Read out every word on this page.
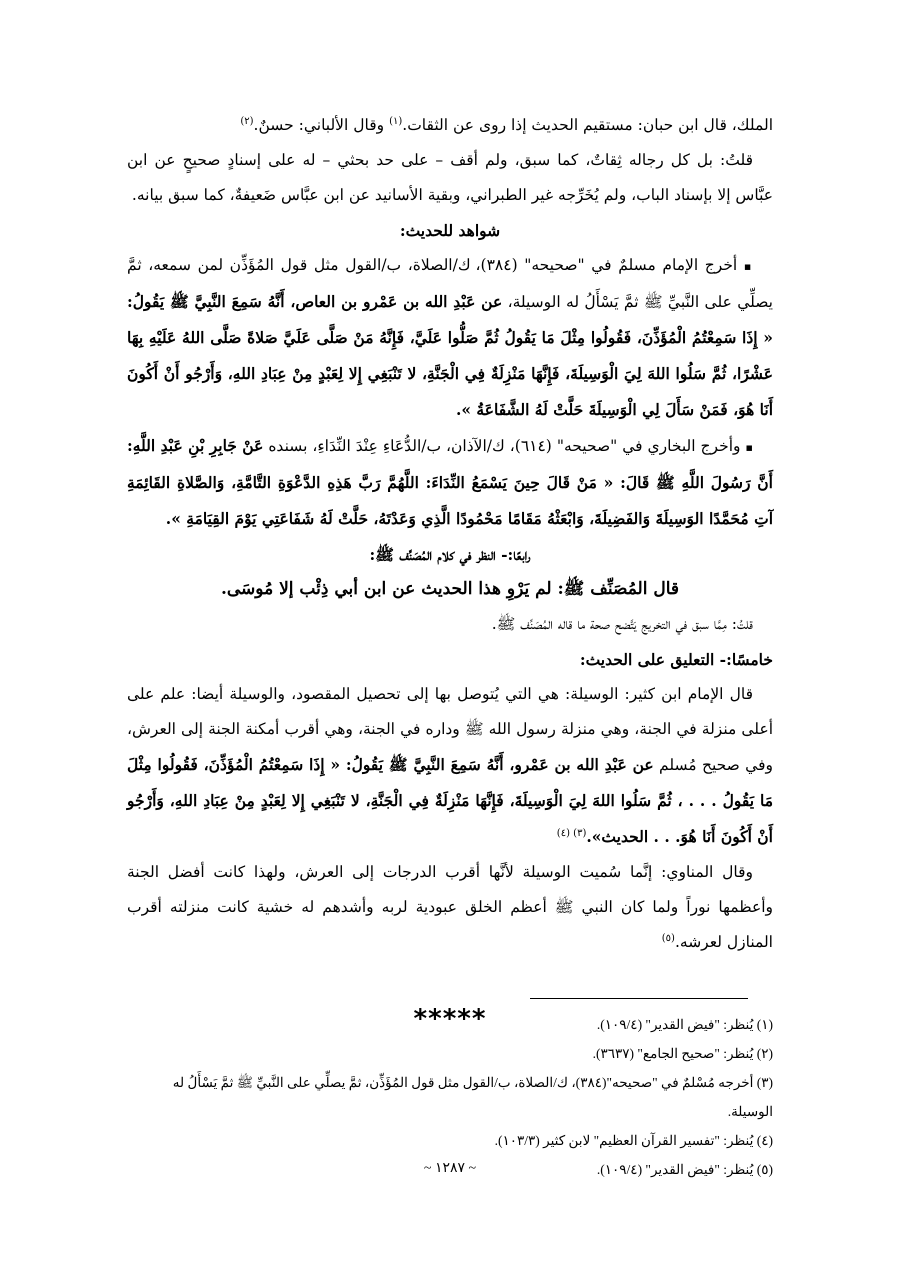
الملك، قال ابن حبان: مستقيم الحديث إذا روى عن الثقات.$^{(١)}$ وقال الألباني: حسنٌ.$^{(٢)}$

قلتُ: بل كل رجاله ثِقاتٌ، كما سبق، ولم أقف – على حد بحثي – له على إسنادٍ صحيحٍ عن ابن عبَّاس إلا بإسناد الباب، ولم يُخَرِّجه غير الطبراني، وبقية الأسانيد عن ابن عبَّاس ضَعيفةٌ، كما سبق بيانه.

شواهد للحديث:

▪ أخرج الإمام مسلمٌ في "صحيحه" (٣٨٤)، ك/الصلاة، ب/القول مثل قول المُؤَذِّن لمن سمعه، ثمَّ يصلِّي على النَّبيِّ ﷺ ثمَّ يَسْأَلُ له الوسيلة، عن عَبْدِ الله بن عَمْرو بن العاص، أَنَّهُ سَمِعَ النَّبِيَّ ﷺ يَقُولُ: « إِذَا سَمِعْتُمُ الْمُؤَذِّنَ، فَقُولُوا مِثْلَ مَا يَقُولُ ثُمَّ صَلُّوا عَلَيَّ، فَإِنَّهُ مَنْ صَلَّى عَلَيَّ صَلاةً صَلَّى اللهُ عَلَيْهِ بِهَا عَشْرًا، ثُمَّ سَلُوا اللهَ لِيَ الْوَسِيلَةَ، فَإِنَّهَا مَنْزِلَةٌ فِي الْجَنَّةِ، لا تَنْبَغِي إِلا لِعَبْدٍ مِنْ عِبَادِ اللهِ، وَأَرْجُو أَنْ أَكُونَ أَنَا هُوَ، فَمَنْ سَأَلَ لِي الْوَسِيلَةَ حَلَّتْ لَهُ الشَّفَاعَةُ ».

▪ وأخرج البخاري في "صحيحه" (٦١٤)، ك/الآذان، ب/الدُّعَاءِ عِنْدَ النِّدَاءِ، بسنده عَنْ جَابِرِ بْنِ عَبْدِ اللَّهِ: أَنَّ رَسُولَ اللَّهِ ﷺ قَالَ: « مَنْ قَالَ حِينَ يَسْمَعُ النِّدَاءَ: اللَّهُمَّ رَبَّ هَذِهِ الدَّعْوَةِ التَّامَّةِ، وَالصَّلاةِ القَائِمَةِ آتِ مُحَمَّدًا الوَسِيلَةَ وَالفَضِيلَةَ، وَابْعَثْهُ مَقَامًا مَحْمُودًا الَّذِي وَعَدْتَهُ، حَلَّتْ لَهُ شَفَاعَتِي يَوْمَ القِيَامَةِ ».

رابعًا:- النظر في كلام المُصَنِّف ﷺ:

قال المُصَنِّف ﷺ: لم يَرْوِ هذا الحديث عن ابن أبي ذِئْب إلا مُوسَى.

قلتُ: مِمَّا سبق في التخريج يَتَّضح صحة ما قاله المُصَنِّف ﷺ.

خامسًا:- التعليق على الحديث:

قال الإمام ابن كثير: الوسيلة: هي التي يُتوصل بها إلى تحصيل المقصود، والوسيلة أيضا: علم على أعلى منزلة في الجنة، وهي منزلة رسول الله ﷺ وداره في الجنة، وهي أقرب أمكنة الجنة إلى العرش، وفي صحيح مُسلم عن عَبْدِ الله بن عَمْرو، أَنَّهُ سَمِعَ النَّبِيَّ ﷺ يَقُولُ: « إِذَا سَمِعْتُمُ الْمُؤَذِّنَ، فَقُولُوا مِثْلَ مَا يَقُولُ . . . ، ثُمَّ سَلُوا اللهَ لِيَ الْوَسِيلَةَ، فَإِنَّهَا مَنْزِلَةٌ فِي الْجَنَّةِ، لا تَنْبَغِي إِلا لِعَبْدٍ مِنْ عِبَادِ اللهِ، وَأَرْجُو أَنْ أَكُونَ أَنَا هُوَ. . . الحديث».$^{(٣) (٤)}$

وقال المناوي: إنَّما سُميت الوسيلة لأنَّها أقرب الدرجات إلى العرش، ولهذا كانت أفضل الجنة وأعظمها نوراً ولما كان النبي ﷺ أعظم الخلق عبودية لربه وأشدهم له خشية كانت منزلته أقرب المنازل لعرشه.$^{(٥)}$

*****	(١) يُنظر: "فيض القدير" (١٠٩/٤).
(٢) يُنظر: "صحيح الجامع" (٣٦٣٧).
(٣) أخرجه مُسْلمٌ في "صحيحه"(٣٨٤)، ك/الصلاة، ب/القول مثل قول المُؤَذِّن، ثمَّ يصلِّي على النَّبيِّ ﷺ ثمَّ يَسْأَلُ له الوسيلة.
(٤) يُنظر: "تفسير القرآن العظيم" لابن كثير (١٠٣/٣).
(٥) يُنظر: "فيض القدير" (١٠٩/٤).
~ ١٢٨٧ ~
